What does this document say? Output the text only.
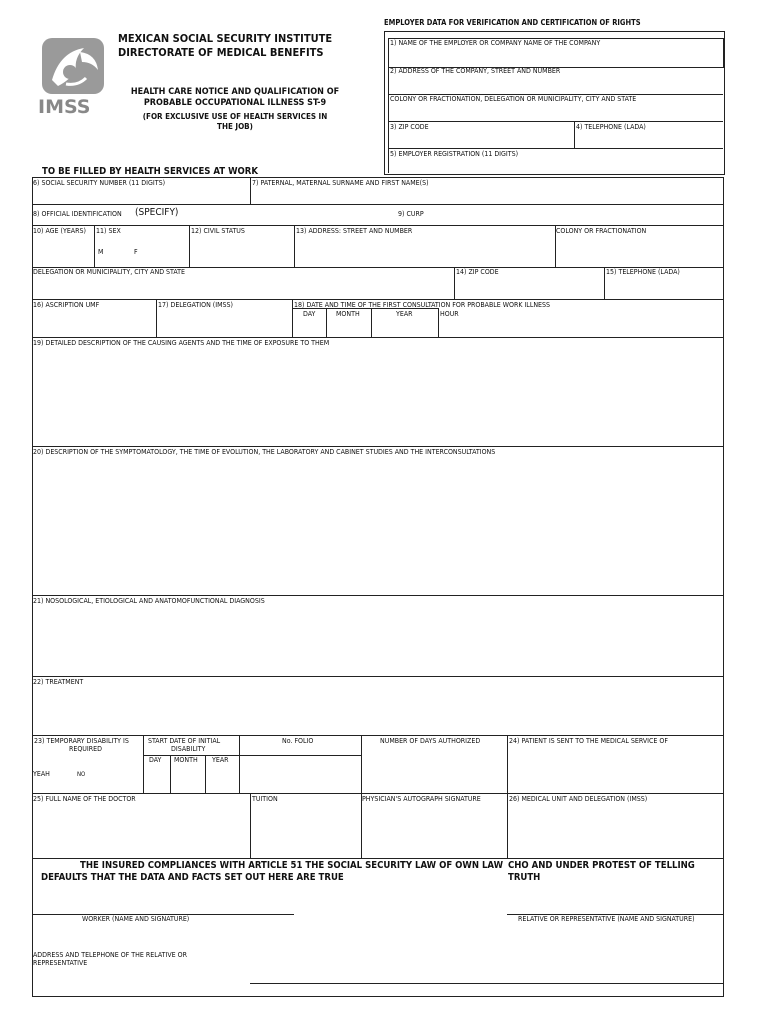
IMSS
MEXICAN SOCIAL SECURITY INSTITUTE
DIRECTORATE OF MEDICAL BENEFITS
HEALTH CARE NOTICE AND QUALIFICATION OF
PROBABLE OCCUPATIONAL ILLNESS ST-9
(FOR EXCLUSIVE USE OF HEALTH SERVICES IN
THE JOB)
TO BE FILLED BY HEALTH SERVICES AT WORK
EMPLOYER DATA FOR VERIFICATION AND CERTIFICATION OF RIGHTS
1) NAME OF THE EMPLOYER OR COMPANY NAME OF THE COMPANY
2) ADDRESS OF THE COMPANY, STREET AND NUMBER
COLONY OR FRACTIONATION, DELEGATION OR MUNICIPALITY, CITY AND STATE
3) ZIP CODE	4) TELEPHONE (LADA)
5) EMPLOYER REGISTRATION (11 DIGITS)
6) SOCIAL SECURITY NUMBER (11 DIGITS)	7) PATERNAL, MATERNAL SURNAME AND FIRST NAME(S)
8) OFFICIAL IDENTIFICATION (SPECIFY)	9) CURP
10) AGE (YEARS) 11) SEX
M	F
12) CIVIL STATUS	13) ADDRESS: STREET AND NUMBER	COLONY OR FRACTIONATION
DELEGATION OR MUNICIPALITY, CITY AND STATE	14) ZIP CODE	15) TELEPHONE (LADA)
16) ASCRIPTION UMF	17) DELEGATION (IMSS)	18) DATE AND TIME OF THE FIRST CONSULTATION FOR PROBABLE WORK ILLNESS
DAY	MONTH	YEAR	HOUR
19) DETAILED DESCRIPTION OF THE CAUSING AGENTS AND THE TIME OF EXPOSURE TO THEM
20) DESCRIPTION OF THE SYMPTOMATOLOGY, THE TIME OF EVOLUTION, THE LABORATORY AND CABINET STUDIES AND THE INTERCONSULTATIONS
21) NOSOLOGICAL, ETIOLOGICAL AND ANATOMOFUNCTIONAL DIAGNOSIS
22) TREATMENT
23) TEMPORARY DISABILITY IS
REQUIRED
START DATE OF INITIAL
DISABILITY
No. FOLIO	NUMBER OF DAYS AUTHORIZED	24) PATIENT IS SENT TO THE MEDICAL SERVICE OF
DAY MONTH YEAR
YEAH	NO
25) FULL NAME OF THE DOCTOR	TUITION	PHYSICIAN'S AUTOGRAPH SIGNATURE	26) MEDICAL UNIT AND DELEGATION (IMSS)
THE INSURED COMPLIANCES WITH ARTICLE 51 THE SOCIAL SECURITY LAW OF OWN LAW CHO AND UNDER PROTEST OF TELLING
DEFAULTS THAT THE DATA AND FACTS SET OUT HERE ARE TRUE	TRUTH
WORKER (NAME AND SIGNATURE)	RELATIVE OR REPRESENTATIVE (NAME AND SIGNATURE)
ADDRESS AND TELEPHONE OF THE RELATIVE OR
REPRESENTATIVE
